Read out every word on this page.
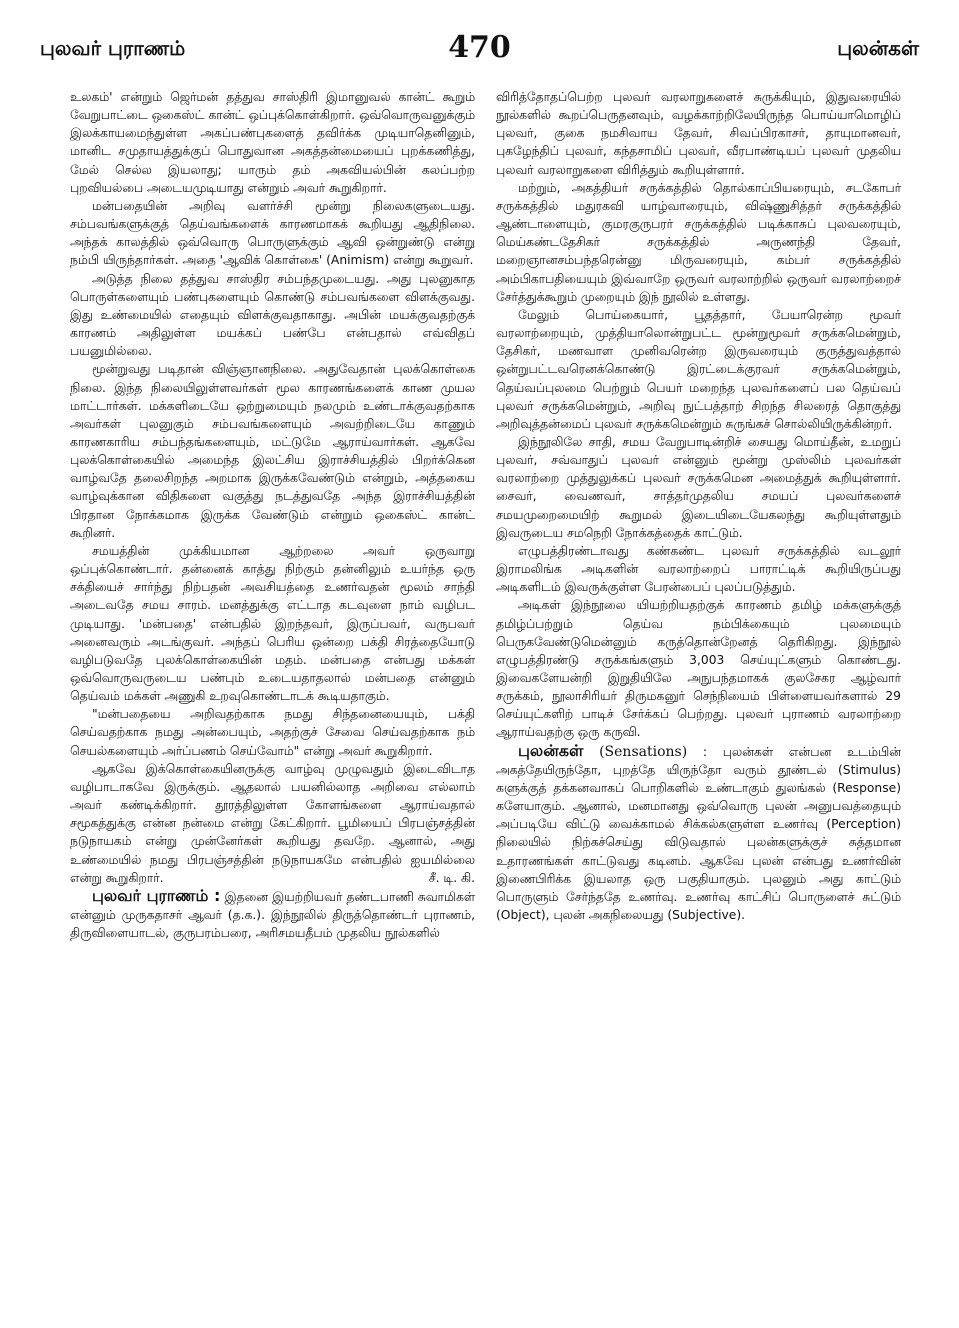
புலவர் புராணம்	470	புலன்கள்

உலகம்' என்றும் ஜெர்மன் தத்துவ சாஸ்திரி இமானுவல் கான்ட் கூறும் வேறுபாட்டை ஒகைஸ்ட் கான்ட் ஒப்புக்கொள்கிறார். ஒவ்வொருவனுக்கும் இலக்காயமைந்துள்ள அகப்பண்புகளைத் தவிர்க்க முடியாதெனினும், மானிட சமுதாயத்துக்குப் பொதுவான அகத்தன்மையைப் புறக்கணித்து, மேல் செல்ல இயலாது; யாரும் தம் அகவியல்பின் கலப்பற்ற புறவியல்பை அடையமுடியாது என்றும் அவர் கூறுகிறார்.

மன்பதையின் அறிவு வளர்ச்சி மூன்று நிலைகளுடையது. சம்பவங்களுக்குத் தெய்வங்களைக் காரணமாகக் கூறியது ஆதிநிலை. அந்தக் காலத்தில் ஒவ்வொரு பொருளுக்கும் ஆவி ஒன்றுண்டு என்று நம்பி யிருந்தார்கள். அதை 'ஆவிக் கொள்கை' (Animism) என்று கூறுவர்.

அடுத்த நிலை தத்துவ சாஸ்திர சம்பந்தமுடையது. அது புலனுகாத பொருள்களையும் பண்புகளையும் கொண்டு சம்பவங்களை விளக்குவது. இது உண்மையில் எதையும் விளக்குவதாகாது. அபின் மயக்குவதற்குக் காரணம் அதிலுள்ள மயக்கப் பண்பே என்பதால் எவ்விதப் பயனுமில்லை.

மூன்றுவது படிதான் விஞ்ஞானநிலை. அதுவேதான் புலக்கொள்கை நிலை. இந்த நிலையிலுள்ளவர்கள் மூல காரணங்களைக் காண முயல மாட்டார்கள். மக்களிடையே ஒற்றுமையும் நலமும் உண்டாக்குவதற்காக அவர்கள் புலனுகும் சம்பவங்களையும் அவற்றிடையே காணும் காரணகாரிய சம்பந்தங்களையும், மட்டுமே ஆராய்வார்கள். ஆகவே புலக்கொள்கையில் அமைந்த இலட்சிய இராச்சியத்தில் பிறர்க்கென வாழ்வதே தலைசிறந்த அறமாக இருக்கவேண்டும் என்றும், அத்தகைய வாழ்வுக்கான விதிகளை வகுத்து நடத்துவதே அந்த இராச்சியத்தின் பிரதான நோக்கமாக இருக்க வேண்டும் என்றும் ஒகைஸ்ட் கான்ட் கூறினர்.

சமயத்தின் முக்கியமான ஆற்றலை அவர் ஒருவாறு ஒப்புக்கொண்டார். தன்னைக் காத்து நிற்கும் தன்னிலும் உயர்ந்த ஒரு சக்தியைச் சார்ந்து நிற்பதன் அவசியத்தை உணர்வதன் மூலம் சாந்தி அடைவதே சமய சாரம். மனத்துக்கு எட்டாத கடவுளை நாம் வழிபட முடியாது. 'மன்பதை' என்பதில் இறந்தவர், இருப்பவர், வருபவர் அனைவரும் அடங்குவர். அந்தப் பெரிய ஒன்றை பக்தி சிரத்தையோடு வழிபடுவதே புலக்கொள்கையின் மதம். மன்பதை என்பது மக்கள் ஒவ்வொருவருடைய பண்பும் உடையதாதலால் மன்பதை என்னும் தெய்வம் மக்கள் அணுகி உறவுகொண்டாடக் கூடியதாகும்.

"மன்பதையை அறிவதற்காக நமது சிந்தனையையும், பக்தி செய்வதற்காக நமது அன்பையும், அதற்குச் சேவை செய்வதற்காக நம் செயல்களையும் அர்ப்பணம் செய்வோம்" என்று அவர் கூறுகிறார்.

ஆகவே இக்கொள்கையினருக்கு வாழ்வு முழுவதும் இடைவிடாத வழிபாடாகவே இருக்கும். ஆதலால் பயனில்லாத அறிவை எல்லாம் அவர் கண்டிக்கிறார். தூரத்திலுள்ள கோளங்களை ஆராய்வதால் சமூகத்துக்கு என்ன நன்மை என்று கேட்கிறார். பூமியைப் பிரபஞ்சத்தின் நடுநாயகம் என்று முன்னேர்கள் கூறியது தவறே. ஆனால், அது உண்மையில் நமது பிரபஞ்சத்தின் நடுநாயகமே என்பதில் ஐயமில்லை என்று கூறுகிறார்.	சீ. டி. கி.

புலவர் புராணம் : இதனை இயற்றியவர் தண்டபாணி சுவாமிகள் என்னும் முருகதாசர் ஆவர் (த.க.). இந்நூலில் திருத்தொண்டர் புராணம், திருவிளையாடல், குருபரம்பரை, அரிசமயதீபம் முதலிய நூல்களில்

விரித்தோதப்பெற்ற புலவர் வரலாறுகளைச் சுருக்கியும், இதுவரையில் நூல்களில் கூறப்பெருதனவும், வழக்காற்றிலேயிருந்த பொய்யாமொழிப் புலவர், குகை நமசிவாய தேவர், சிவப்பிரகாசர், தாயுமானவர், புகழேந்திப் புலவர், கந்தசாமிப் புலவர், வீரபாண்டியப் புலவர் முதலிய புலவர் வரலாறுகளை விரித்தும் கூறியுள்ளார்.

மற்றும், அகத்தியர் சருக்கத்தில் தொல்காப்பியரையும், சடகோபர் சருக்கத்தில் மதுரகவி யாழ்வாரையும், விஷ்ணுசித்தர் சருக்கத்தில் ஆண்டாளையும், குமரகுருபரர் சருக்கத்தில் படிக்காசுப் புலவரையும், மெய்கண்டதேசிகர் சருக்கத்தில் அருணந்தி தேவர், மறைஞானசம்பந்தரென்னு மிருவரையும், கம்பர் சருக்கத்தில் அம்பிகாபதியையும் இவ்வாறே ஒருவர் வரலாற்றில் ஒருவர் வரலாற்றைச் சேர்த்துக்கூறும் முறையும் இந் நூலில் உள்ளது.

மேலும் பொய்கையார், பூதத்தார், பேயாரென்ற மூவர் வரலாற்றையும், முத்தியாலொன்றுபட்ட மூன்றுமூவர் சருக்கமென்றும், தேசிகர், மணவாள முனிவரென்ற இருவரையும் குருத்துவத்தால் ஒன்றுபட்டவரெனக்கொண்டு இரட்டைக்குரவர் சருக்கமென்றும், தெய்வப்புலமை பெற்றும் பெயர் மறைந்த புலவர்களைப் பல தெய்வப் புலவர் சருக்கமென்றும், அறிவு நுட்பத்தாற் சிறந்த சிலரைத் தொகுத்து அறிவுத்தன்மைப் புலவர் சருக்கமென்றும் சுருங்கச் சொல்லியிருக்கின்றர்.

இந்நூலிலே சாதி, சமய வேறுபாடின்றிச் சையது மொய்தீன், உமறுப் புலவர், சவ்வாதுப் புலவர் என்னும் மூன்று முஸ்லிம் புலவர்கள் வரலாற்றை முத்துலுக்கப் புலவர் சருக்கமென அமைத்துக் கூறியுள்ளார். சைவர், வைணவர், சாத்தர்முதலிய சமயப் புலவர்களைச் சமயமுறைமையிற் கூறுமல் இடையிடையேகலந்து கூறியுள்ளதும் இவருடைய சமநெறி நோக்கத்தைக் காட்டும்.

எழுபத்திரண்டாவது கண்கண்ட புலவர் சருக்கத்தில் வடலூர் இராமலிங்க அடிகளின் வரலாற்றைப் பாராட்டிக் கூறியிருப்பது அடிகளிடம் இவருக்குள்ள பேரன்பைப் புலப்படுத்தும்.

அடிகள் இந்நூலை யியற்றியதற்குக் காரணம் தமிழ் மக்களுக்குத் தமிழ்ப்பற்றும் தெய்வ நம்பிக்கையும் புலமையும் பெருகவேண்டுமென்னும் கருத்தொன்றேனத் தெரிகிறது. இந்நூல் எழுபத்திரண்டு சருக்கங்களும் 3,003 செய்யுட்களும் கொண்டது. இவைகளேயன்றி இறுதியிலே அநுபந்தமாகக் குலசேகர ஆழ்வார் சருக்கம், நூலாசிரியர் திருமகனுர் செந்நியைம் பிள்ளையவர்களால் 29 செய்யுட்களிற் பாடிச் சேர்க்கப் பெற்றது. புலவர் புராணம் வரலாற்றை ஆராய்வதற்கு ஒரு கருவி.

புலன்கள் (Sensations) : புலன்கள் என்பன உடம்பின் அகத்தேயிருந்தோ, புறத்தே யிருந்தோ வரும் தூண்டல் (Stimulus) களுக்குத் தக்கனவாகப் பொறிகளில் உண்டாகும் துலங்கல் (Response) களேயாகும். ஆனால், மனமானது ஒவ்வொரு புலன் அனுபவத்தையும் அப்படியே விட்டு வைக்காமல் சிக்கல்களுள்ள உணர்வு (Perception) நிலையில் நிற்கச்செய்து விடுவதால் புலன்களுக்குச் சுத்தமான உதாரணங்கள் காட்டுவது கடினம். ஆகவே புலன் என்பது உணர்வின் இணைபிரிக்க இயலாத ஒரு பகுதியாகும். புலனும் அது காட்டும் பொருளும் சேர்ந்ததே உணர்வு. உணர்வு காட்சிப் பொருளைச் சுட்டும் (Object), புலன் அகநிலையது (Subjective).
